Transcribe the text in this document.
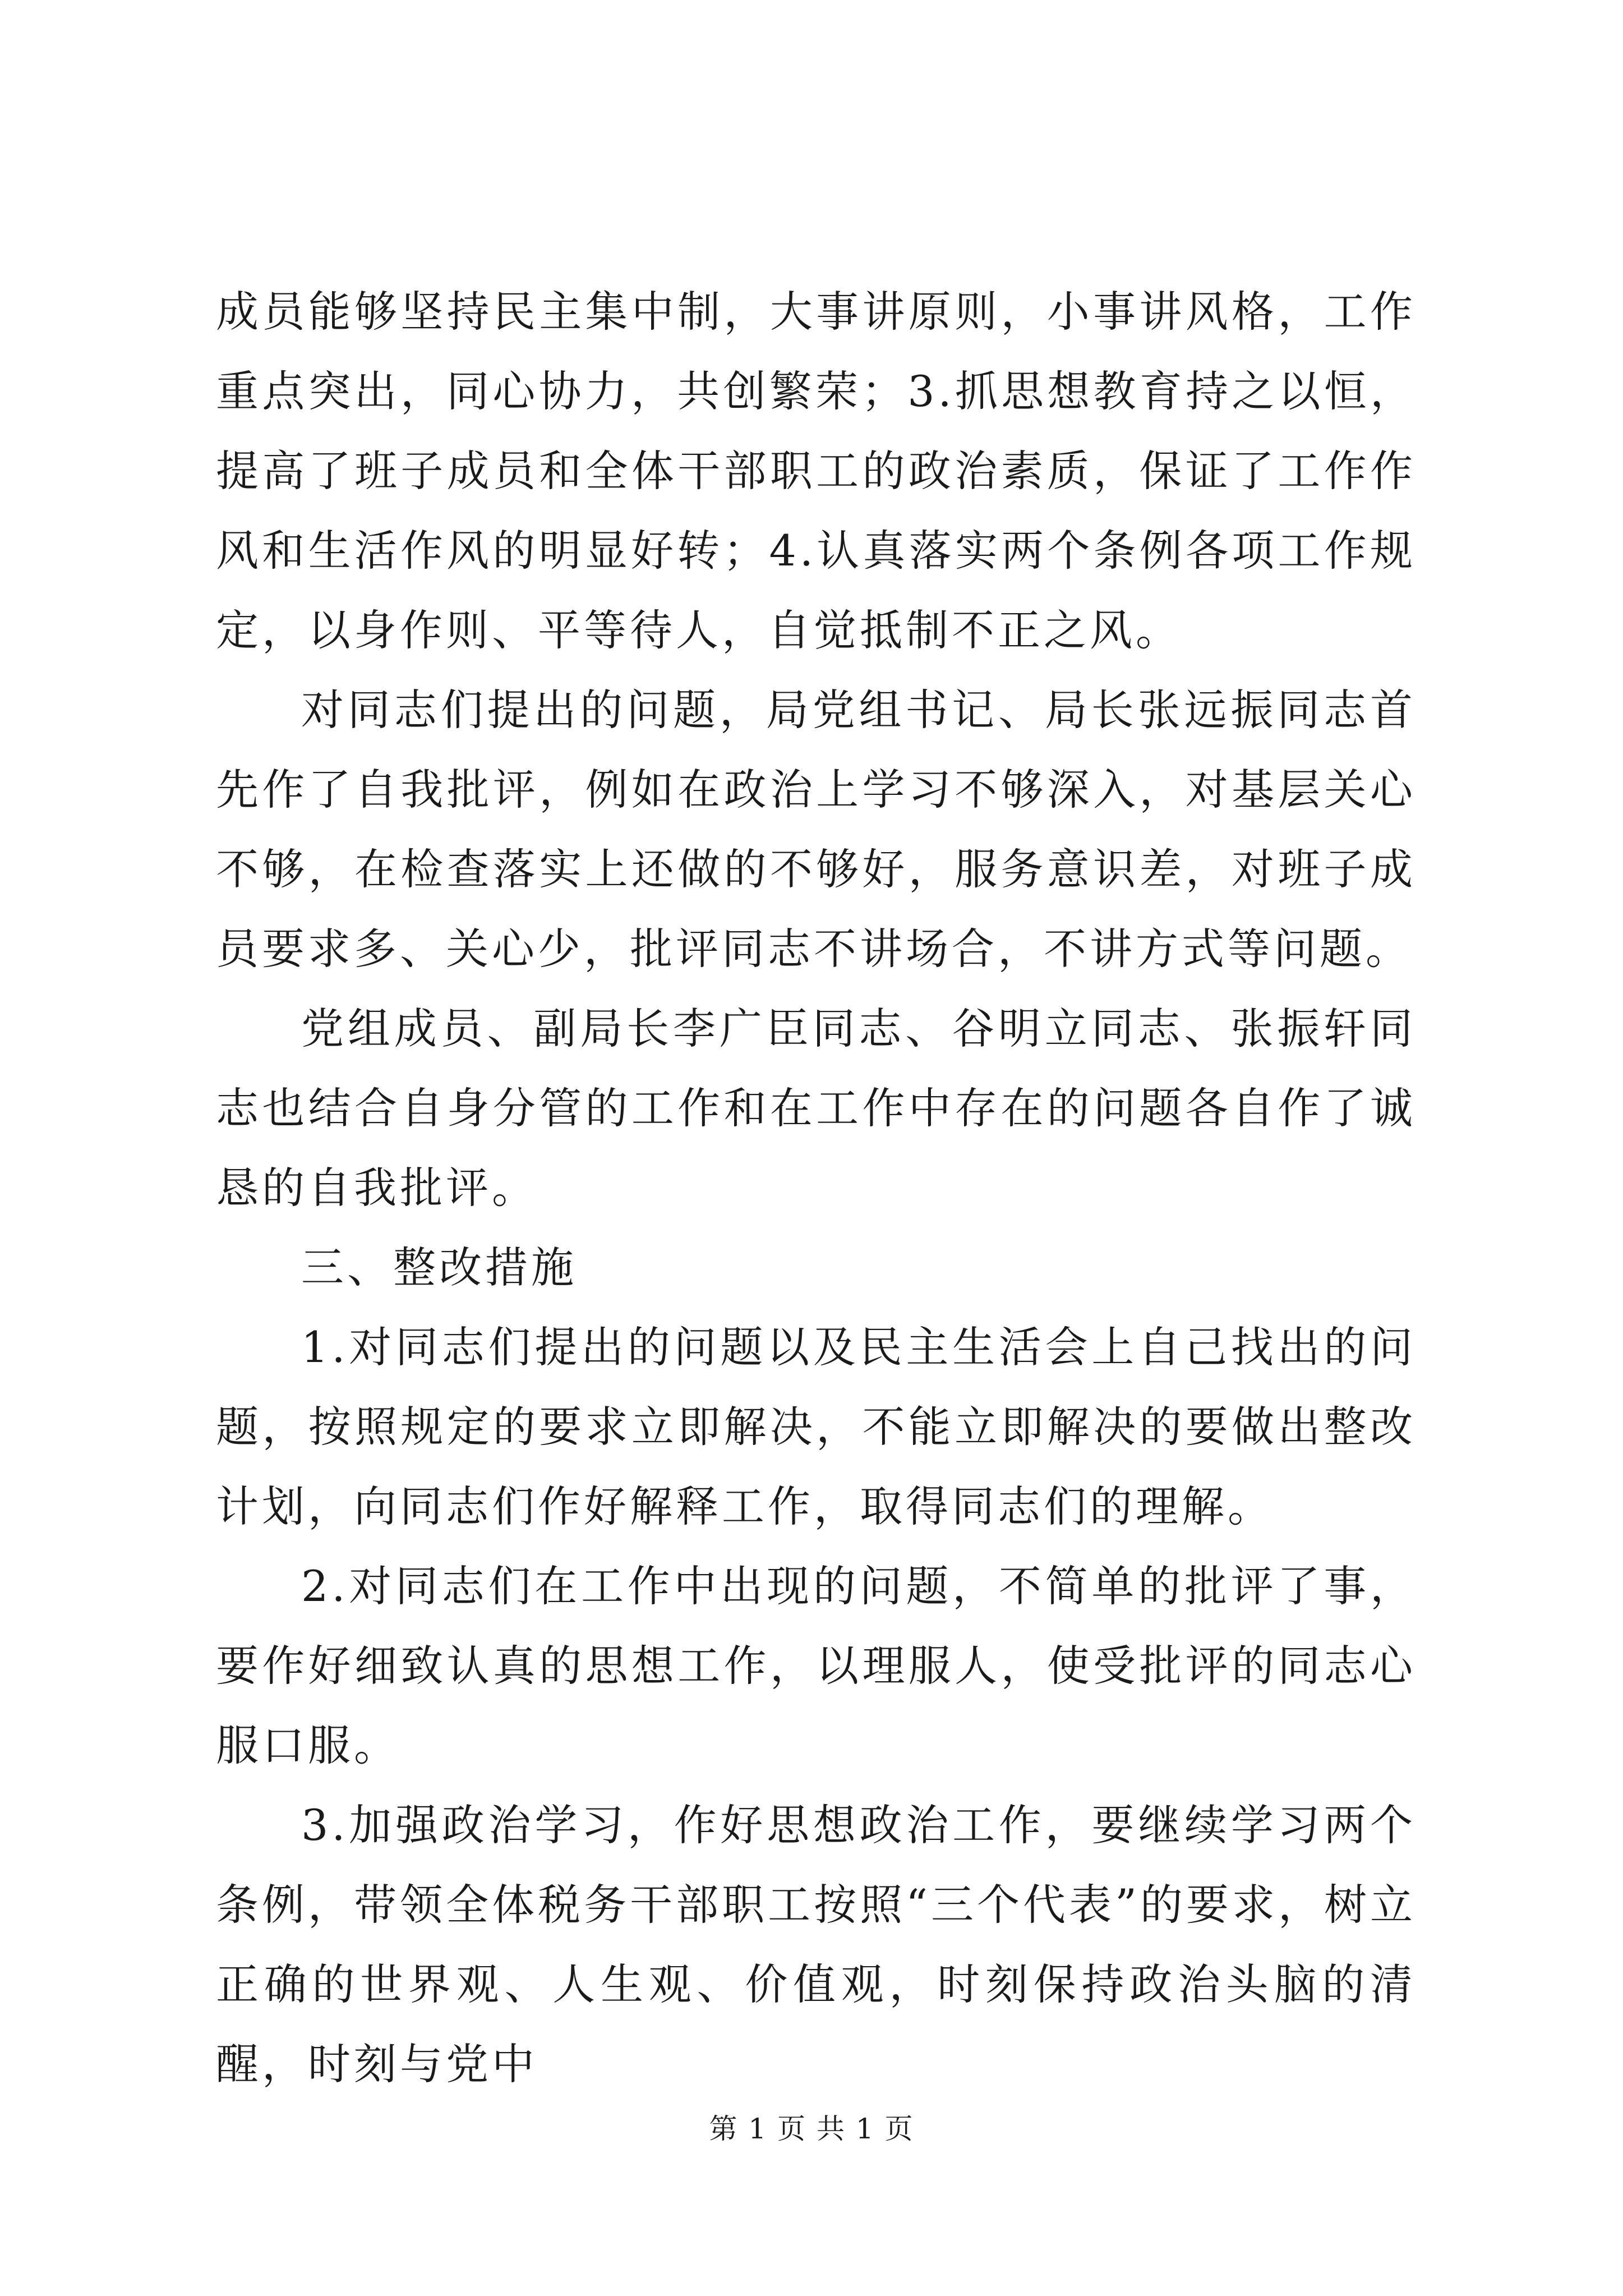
成员能够坚持民主集中制，大事讲原则，小事讲风格，工作重点突出，同心协力，共创繁荣；3.抓思想教育持之以恒，提高了班子成员和全体干部职工的政治素质，保证了工作作风和生活作风的明显好转；4.认真落实两个条例各项工作规定，以身作则、平等待人，自觉抵制不正之风。

对同志们提出的问题，局党组书记、局长张远振同志首先作了自我批评，例如在政治上学习不够深入，对基层关心不够，在检查落实上还做的不够好，服务意识差，对班子成员要求多、关心少，批评同志不讲场合，不讲方式等问题。

党组成员、副局长李广臣同志、谷明立同志、张振轩同志也结合自身分管的工作和在工作中存在的问题各自作了诚恳的自我批评。

三、整改措施

1.对同志们提出的问题以及民主生活会上自己找出的问题，按照规定的要求立即解决，不能立即解决的要做出整改计划，向同志们作好解释工作，取得同志们的理解。

2.对同志们在工作中出现的问题，不简单的批评了事，要作好细致认真的思想工作，以理服人，使受批评的同志心服口服。

3.加强政治学习，作好思想政治工作，要继续学习两个条例，带领全体税务干部职工按照“三个代表”的要求，树立正确的世界观、人生观、价值观，时刻保持政治头脑的清醒，时刻与党中

第 1 页 共 1 页
